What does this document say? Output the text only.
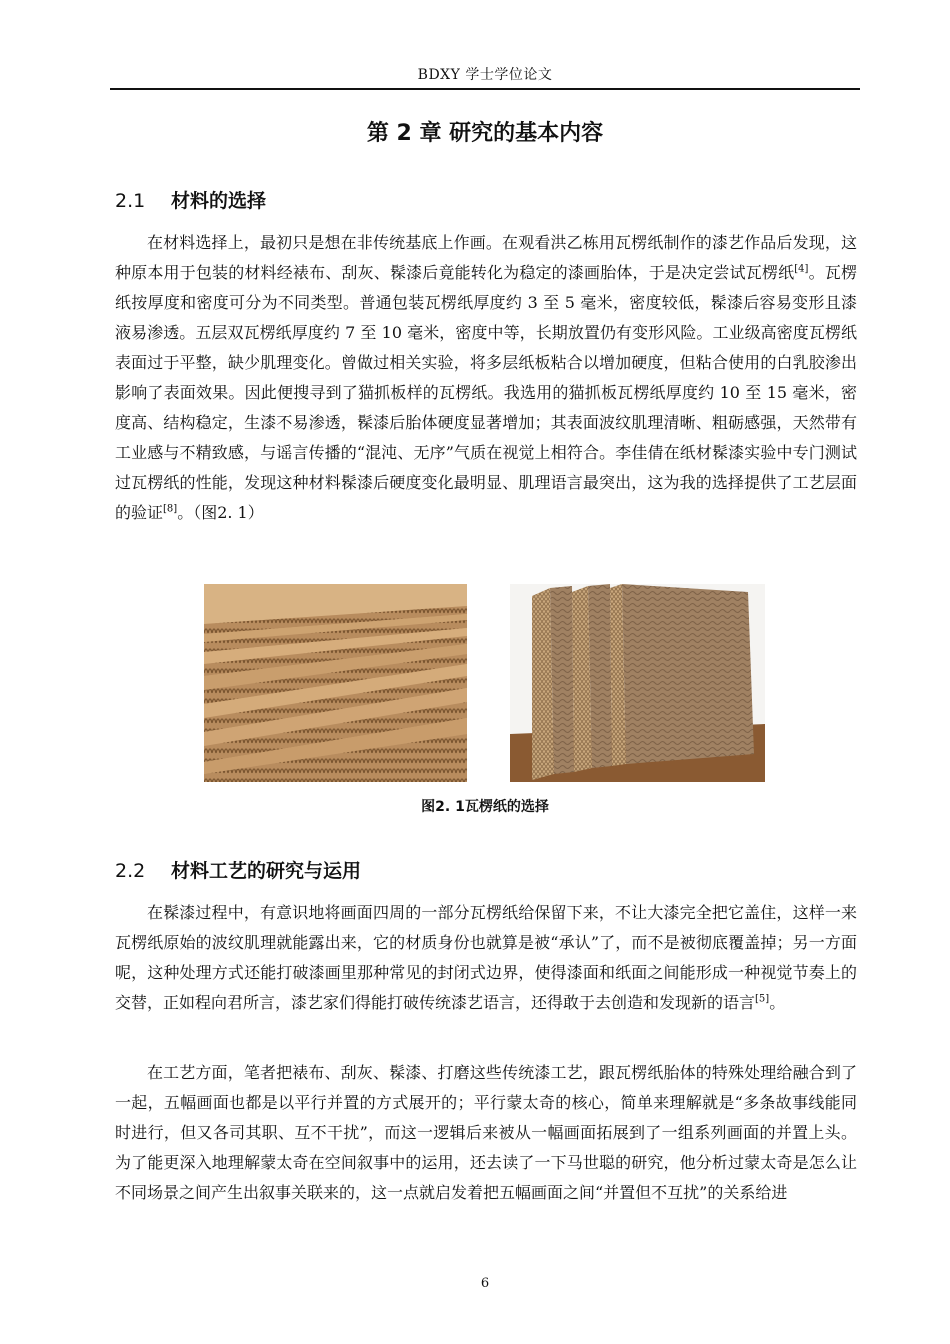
BDXY 学士学位论文
第 2 章 研究的基本内容
2.1 材料的选择
在材料选择上，最初只是想在非传统基底上作画。在观看洪乙栋用瓦楞纸制作的漆艺作品后发现，这种原本用于包装的材料经裱布、刮灰、髹漆后竟能转化为稳定的漆画胎体，于是决定尝试瓦楞纸[4]。瓦楞纸按厚度和密度可分为不同类型。普通包装瓦楞纸厚度约 3 至 5 毫米，密度较低，髹漆后容易变形且漆液易渗透。五层双瓦楞纸厚度约 7 至 10 毫米，密度中等，长期放置仍有变形风险。工业级高密度瓦楞纸表面过于平整，缺少肌理变化。曾做过相关实验，将多层纸板粘合以增加硬度，但粘合使用的白乳胶渗出影响了表面效果。因此便搜寻到了猫抓板样的瓦楞纸。我选用的猫抓板瓦楞纸厚度约 10 至 15 毫米，密度高、结构稳定，生漆不易渗透，髹漆后胎体硬度显著增加；其表面波纹肌理清晰、粗砺感强，天然带有工业感与不精致感，与谣言传播的“混沌、无序”气质在视觉上相符合。李佳倩在纸材髹漆实验中专门测试过瓦楞纸的性能，发现这种材料髹漆后硬度变化最明显、肌理语言最突出，这为我的选择提供了工艺层面的验证[8]。（图2. 1）
图2. 1瓦楞纸的选择
2.2 材料工艺的研究与运用
在髹漆过程中，有意识地将画面四周的一部分瓦楞纸给保留下来，不让大漆完全把它盖住，这样一来瓦楞纸原始的波纹肌理就能露出来，它的材质身份也就算是被“承认”了，而不是被彻底覆盖掉；另一方面呢，这种处理方式还能打破漆画里那种常见的封闭式边界，使得漆面和纸面之间能形成一种视觉节奏上的交替，正如程向君所言，漆艺家们得能打破传统漆艺语言，还得敢于去创造和发现新的语言[5]。
在工艺方面，笔者把裱布、刮灰、髹漆、打磨这些传统漆工艺，跟瓦楞纸胎体的特殊处理给融合到了一起，五幅画面也都是以平行并置的方式展开的；平行蒙太奇的核心，简单来理解就是“多条故事线能同时进行，但又各司其职、互不干扰”，而这一逻辑后来被从一幅画面拓展到了一组系列画面的并置上头。为了能更深入地理解蒙太奇在空间叙事中的运用，还去读了一下马世聪的研究，他分析过蒙太奇是怎么让不同场景之间产生出叙事关联来的，这一点就启发着把五幅画面之间“并置但不互扰”的关系给进
6
